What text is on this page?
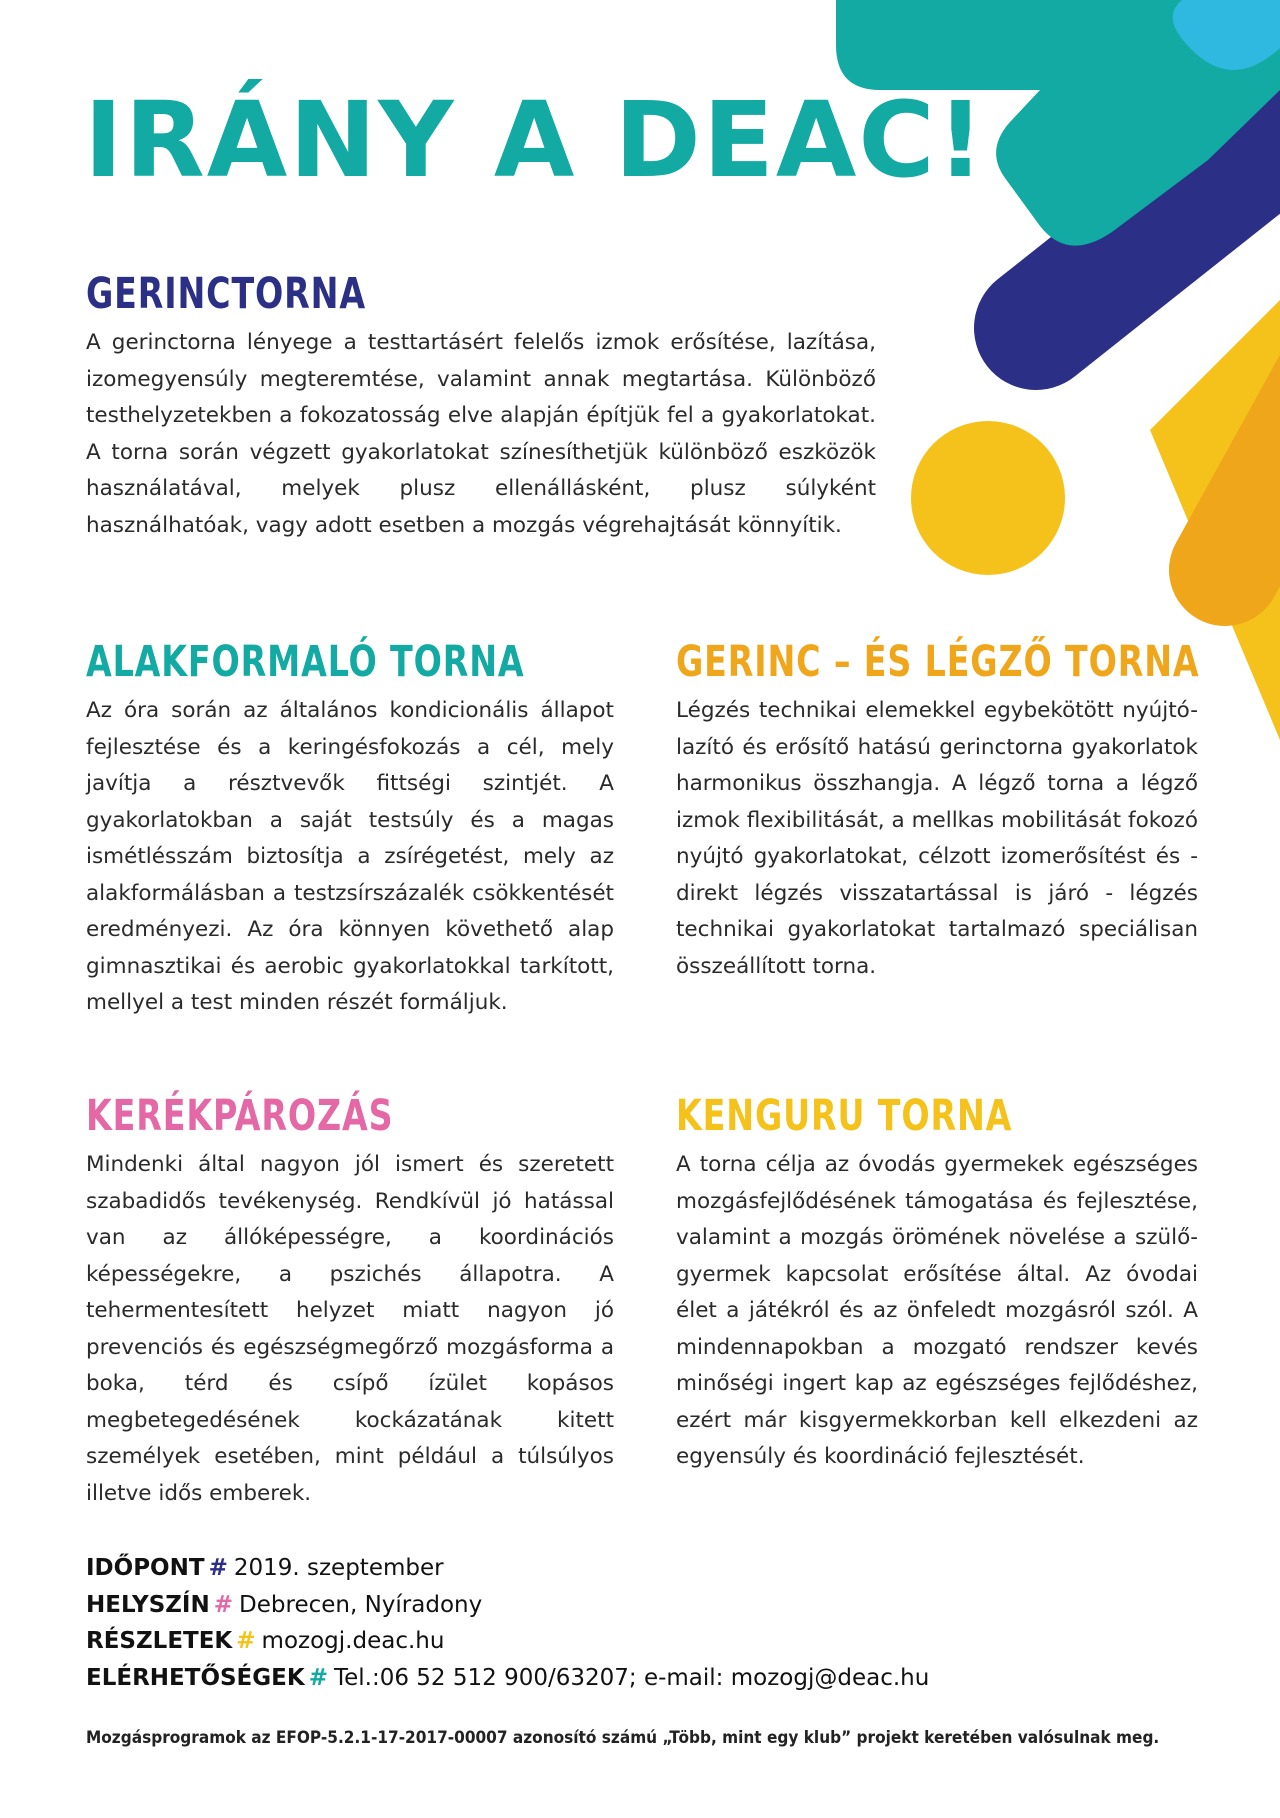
IRÁNY A DEAC!
GERINCTORNA

A gerinctorna lényege a testtartásért felelős izmok erősítése, lazítása, izomegyensúly megteremtése, valamint annak megtartása. Különböző testhelyzetekben a fokozatosság elve alapján építjük fel a gyakorlatokat. A torna során végzett gyakorlatokat színesíthetjük különböző eszközök használatával, melyek plusz ellenállásként, plusz súlyként használhatóak, vagy adott esetben a mozgás végrehajtását könnyítik.

ALAKFORMALÓ TORNA

Az óra során az általános kondicionális állapot fejlesztése és a keringésfokozás a cél, mely javítja a résztvevők fittségi szintjét. A gyakorlatokban a saját testsúly és a magas ismétlésszám biztosítja a zsírégetést, mely az alakformálásban a testzsírszázalék csökkentését eredményezi. Az óra könnyen követhető alap gimnasztikai és aerobic gyakorlatokkal tarkított, mellyel a test minden részét formáljuk.

GERINC – ÉS LÉGZŐ TORNA

Légzés technikai elemekkel egybekötött nyújtó-lazító és erősítő hatású gerinctorna gyakorlatok harmonikus összhangja. A légző torna a légző izmok flexibilitását, a mellkas mobilitását fokozó nyújtó gyakorlatokat, célzott izomerősítést és - direkt légzés visszatartással is járó - légzés technikai gyakorlatokat tartalmazó speciálisan összeállított torna.

KERÉKPÁROZÁS

Mindenki által nagyon jól ismert és szeretett szabadidős tevékenység. Rendkívül jó hatással van az állóképességre, a koordinációs képességekre, a pszichés állapotra. A tehermentesített helyzet miatt nagyon jó prevenciós és egészségmegőrző mozgásforma a boka, térd és csípő ízület kopásos megbetegedésének kockázatának kitett személyek esetében, mint például a túlsúlyos illetve idős emberek.

KENGURU TORNA

A torna célja az óvodás gyermekek egészséges mozgásfejlődésének támogatása és fejlesztése, valamint a mozgás örömének növelése a szülő-gyermek kapcsolat erősítése által. Az óvodai élet a játékról és az önfeledt mozgásról szól. A mindennapokban a mozgató rendszer kevés minőségi ingert kap az egészséges fejlődéshez, ezért már kisgyermekkorban kell elkezdeni az egyensúly és koordináció fejlesztését.

IDŐPONT # 2019. szeptember
HELYSZÍN # Debrecen, Nyíradony
RÉSZLETEK # mozogj.deac.hu
ELÉRHETŐSÉGEK # Tel.:06 52 512 900/63207; e-mail: mozogj@deac.hu
Mozgásprogramok az EFOP-5.2.1-17-2017-00007 azonosító számú „Több, mint egy klub” projekt keretében valósulnak meg.
